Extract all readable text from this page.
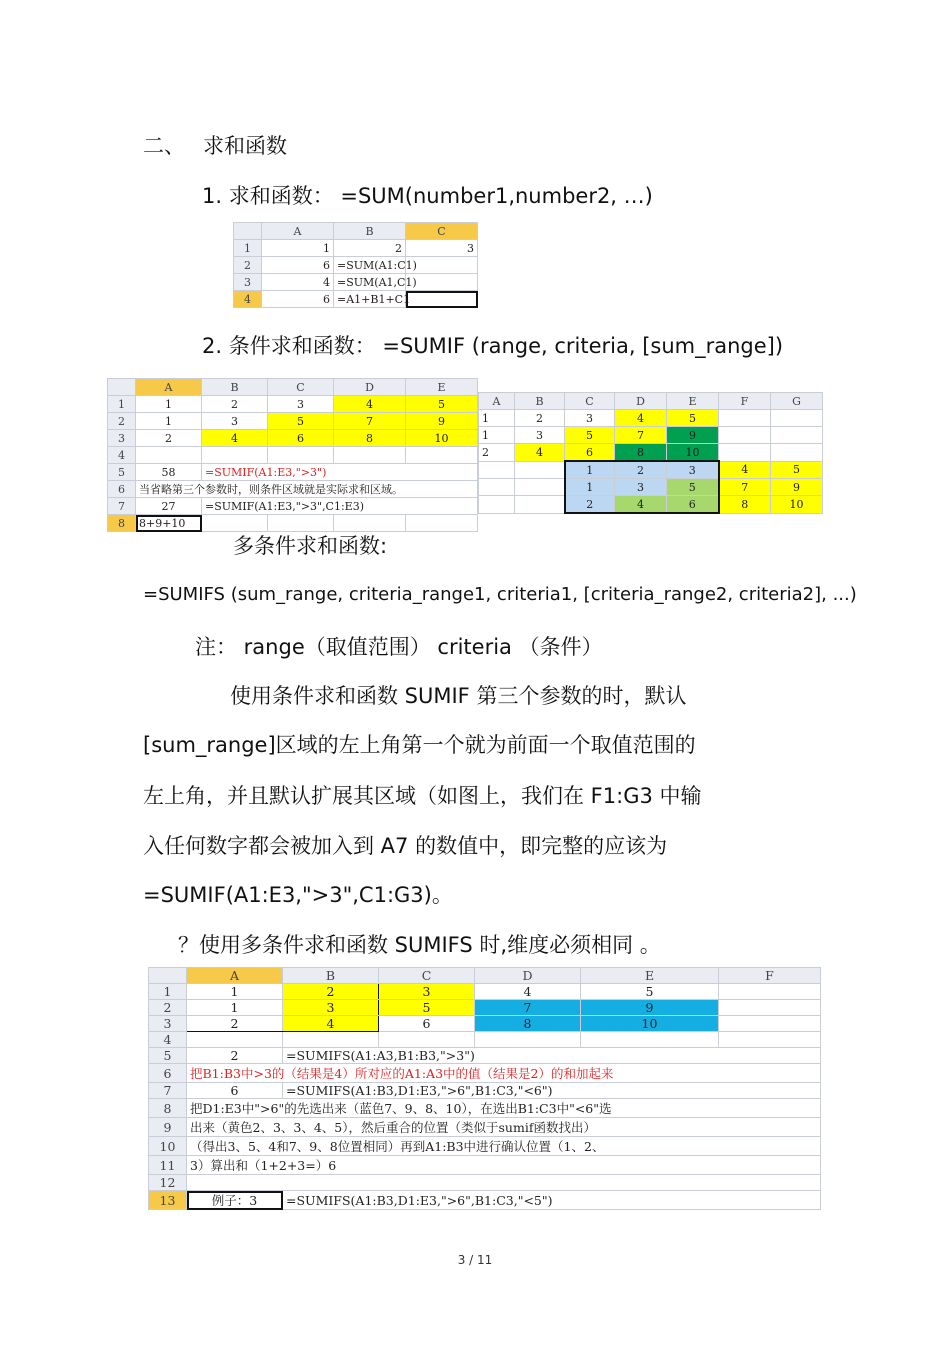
二、 求和函数
1. 求和函数： =SUM(number1,number2, …)
	A	B	C
1	1	2	3
2	6	=SUM(A1:C1)	
3	4	=SUM(A1,C1)	
4	6	=A1+B1+C1	
2. 条件求和函数： =SUMIF (range, criteria, [sum_range])
	A	B	C	D	E
1	1	2	3	4	5
2	1	3	5	7	9
3	2	4	6	8	10
4					
5	58	=SUMIF(A1:E3,">3")			
6	当省略第三个参数时，则条件区域就是实际求和区域。				
7	27	=SUMIF(A1:E3,">3",C1:E3)			
8	8+9+10				
A	B	C	D	E	F	G
1	2	3	4	5		
1	3	5	7	9		
2	4	6	8	10		
		1	2	3	4	5
		1	3	5	7	9
		2	4	6	8	10
多条件求和函数:
=SUMIFS (sum_range, criteria_range1, criteria1, [criteria_range2, criteria2], ...)
注： range（取值范围） criteria （条件）
使用条件求和函数 SUMIF 第三个参数的时，默认
[sum_range]区域的左上角第一个就为前面一个取值范围的
左上角，并且默认扩展其区域（如图上，我们在 F1:G3 中输
入任何数字都会被加入到 A7 的数值中，即完整的应该为
=SUMIF(A1:E3,">3",C1:G3)。
？使用多条件求和函数 SUMIFS 时,维度必须相同 。
	A	B	C	D	E	F
1	1	2	3	4	5	
2	1	3	5	7	9	
3	2	4	6	8	10	
4						
5	2	=SUMIFS(A1:A3,B1:B3,">3")				
6	把B1:B3中>3的（结果是4）所对应的A1:A3中的值（结果是2）的和加起来					
7	6	=SUMIFS(A1:B3,D1:E3,">6",B1:C3,"<6")				
8	把D1:E3中">6"的先选出来（蓝色7、9、8、10），在选出B1:C3中"<6"选					
9	出来（黄色2、3、3、4、5），然后重合的位置（类似于sumif函数找出）					
10	（得出3、5、4和7、9、8位置相同）再到A1:B3中进行确认位置（1、2、					
11	3）算出和（1+2+3=）6					
12						
13	例子：3	=SUMIFS(A1:B3,D1:E3,">6",B1:C3,"<5")				
3 / 11
